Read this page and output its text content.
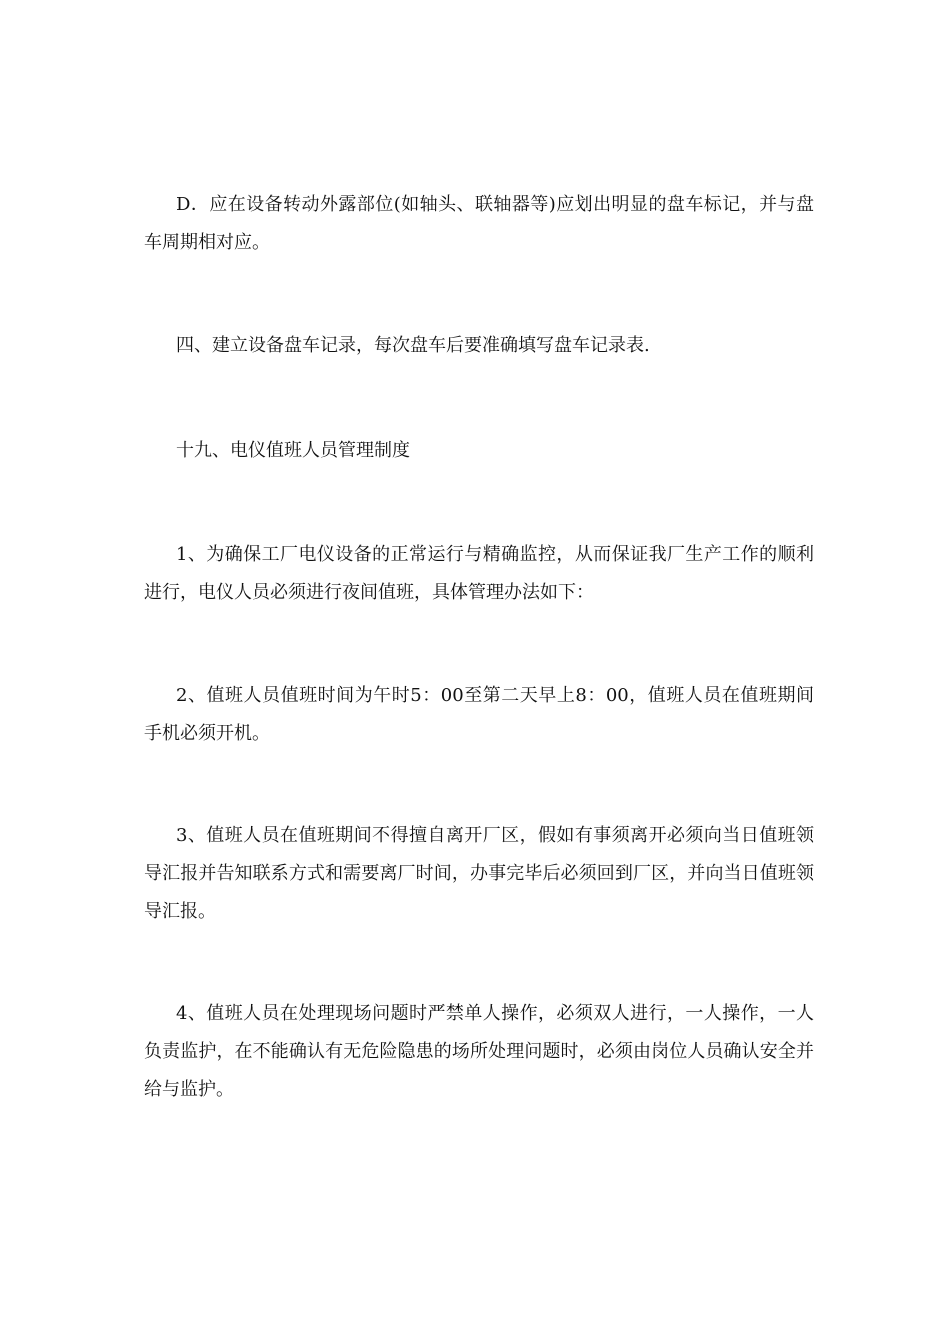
D．应在设备转动外露部位(如轴头、联轴器等)应划出明显的盘车标记，并与盘车周期相对应。

四、建立设备盘车记录，每次盘车后要准确填写盘车记录表.

十九、电仪值班人员管理制度

1、为确保工厂电仪设备的正常运行与精确监控，从而保证我厂生产工作的顺利进行，电仪人员必须进行夜间值班，具体管理办法如下：

2、值班人员值班时间为午时5：00至第二天早上8：00，值班人员在值班期间手机必须开机。

3、值班人员在值班期间不得擅自离开厂区，假如有事须离开必须向当日值班领导汇报并告知联系方式和需要离厂时间，办事完毕后必须回到厂区，并向当日值班领导汇报。

4、值班人员在处理现场问题时严禁单人操作，必须双人进行，一人操作，一人负责监护，在不能确认有无危险隐患的场所处理问题时，必须由岗位人员确认安全并给与监护。
